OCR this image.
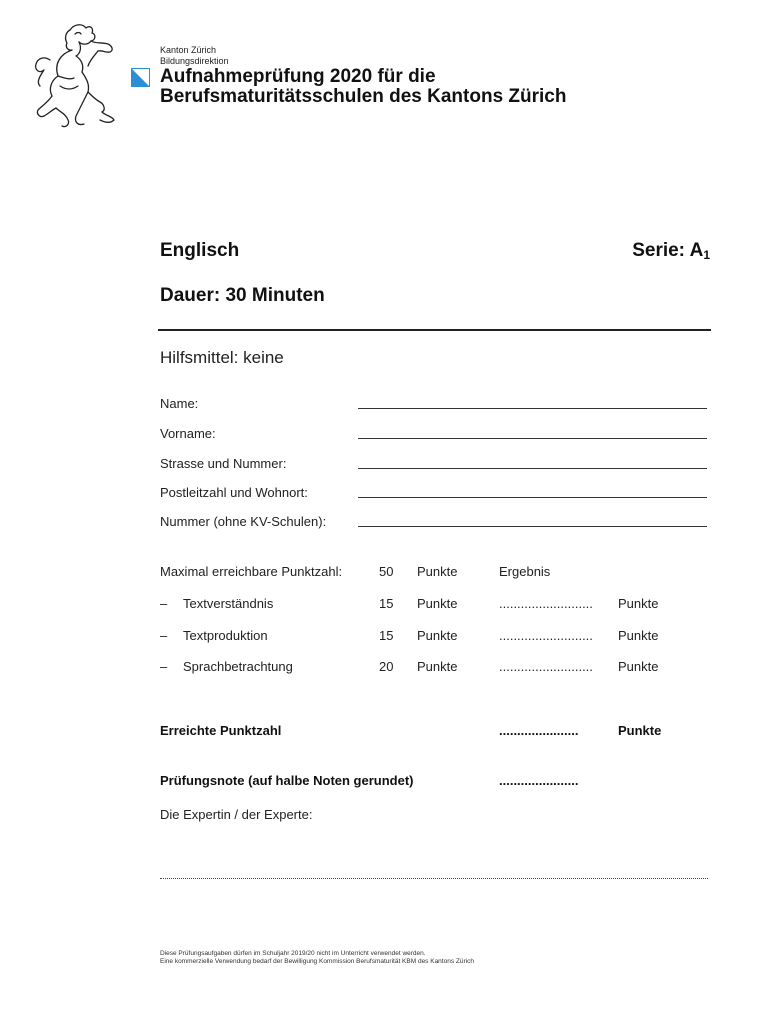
Kanton Zürich
Bildungsdirektion
Aufnahmeprüfung 2020 für die
Berufsmaturitätsschulen des Kantons Zürich
Englisch	Serie: $A_1$
Dauer: 30 Minuten
Hilfsmittel: keine
Name:
Vorname:
Strasse und Nummer:
Postleitzahl und Wohnort:
Nummer (ohne KV-Schulen):
Maximal erreichbare Punktzahl:	50 Punkte	Ergebnis
– Textverständnis	15 Punkte	.......................... Punkte
– Textproduktion	15 Punkte	.......................... Punkte
– Sprachbetrachtung	20 Punkte	.......................... Punkte
Erreichte Punktzahl	......................	Punkte
Prüfungsnote (auf halbe Noten gerundet)	......................
Die Expertin / der Experte:
Diese Prüfungsaufgaben dürfen im Schuljahr 2019/20 nicht im Unterricht verwendet werden.
Eine kommerzielle Verwendung bedarf der Bewilligung Kommission Berufsmaturität KBM des Kantons Zürich
